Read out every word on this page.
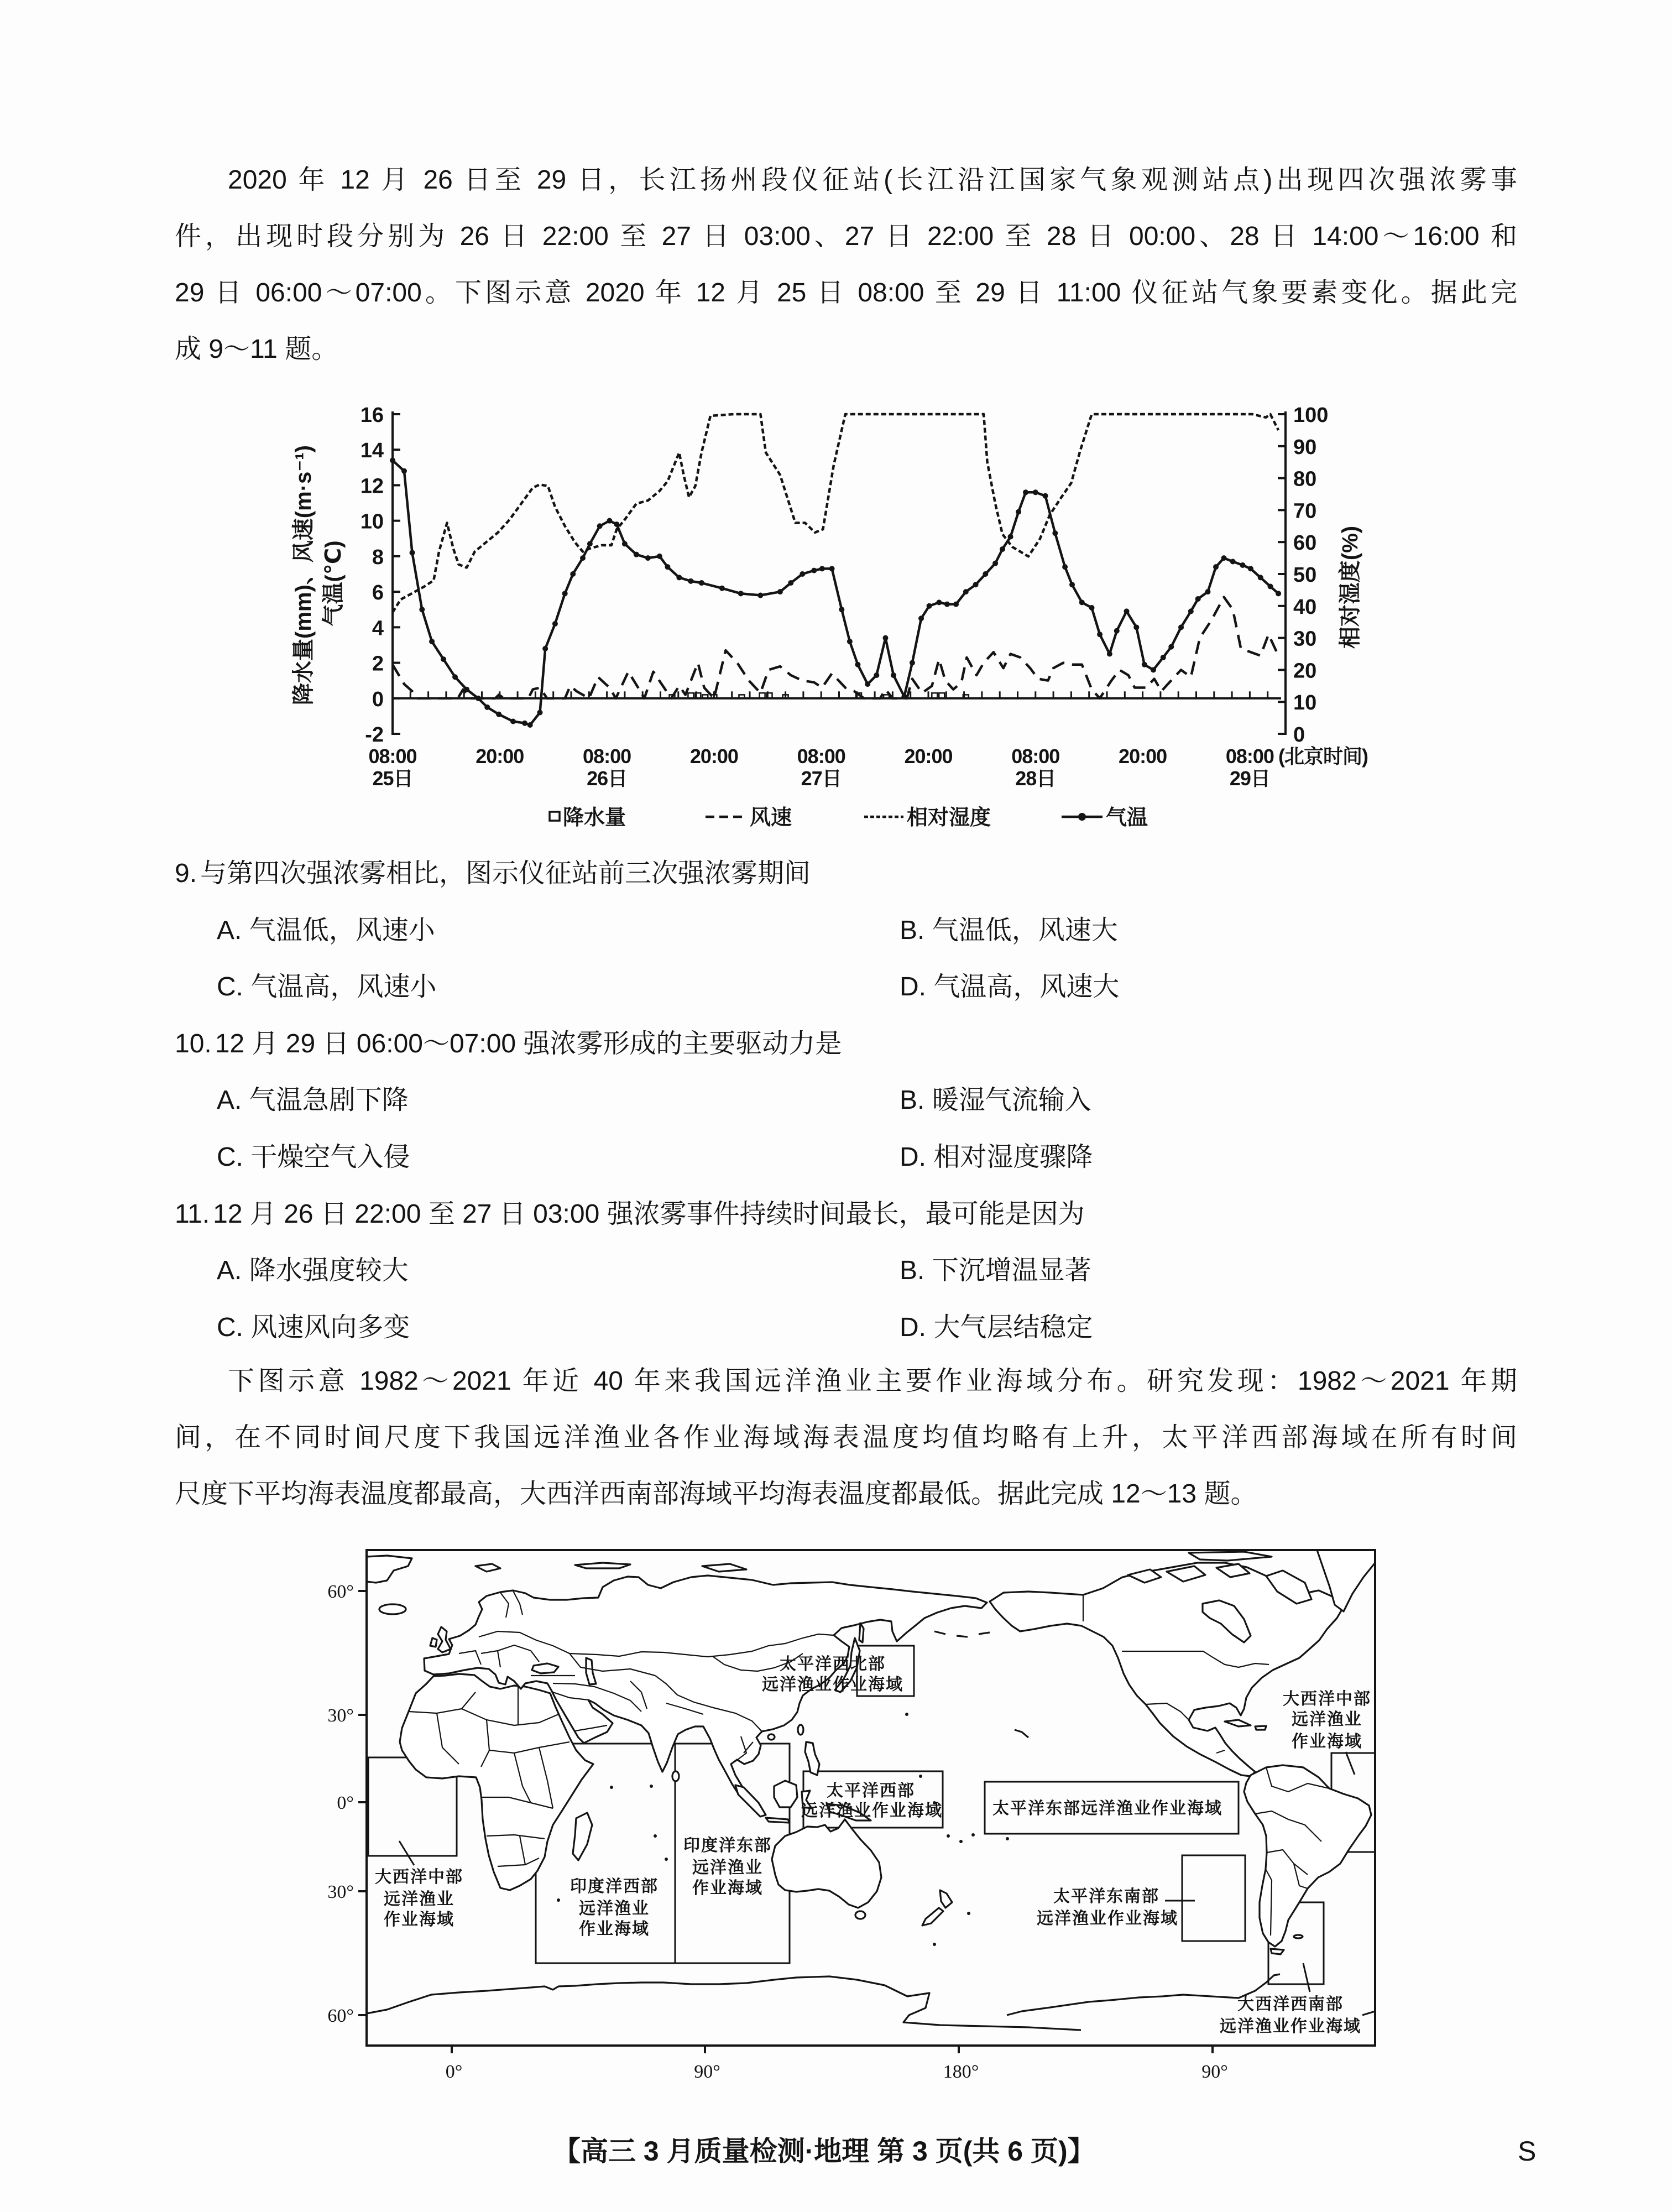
2020 年 12 月 26 日至 29 日，长江扬州段仪征站(长江沿江国家气象观测站点)出现四次强浓雾事
件，出现时段分别为 26 日 22:00 至 27 日 03:00、27 日 22:00 至 28 日 00:00、28 日 14:00～16:00 和
29 日 06:00～07:00。下图示意 2020 年 12 月 25 日 08:00 至 29 日 11:00 仪征站气象要素变化。据此完
成 9～11 题。
-2
0
2
4
6
8
10
12
14
16
0
10
20
30
40
50
60
70
80
90
100
08:00
25日
20:00	08:00
26日
20:00	08:00
27日
20:00	08:00
28日
20:00	08:00
29日
降水量(mm)、风速(m·s⁻¹) 气温(℃)	相对湿度(%)
(北京时间)
降水量	风速	相对湿度	气温
9. 与第四次强浓雾相比，图示仪征站前三次强浓雾期间
A. 气温低，风速小	B. 气温低，风速大
C. 气温高，风速小	D. 气温高，风速大
10. 12 月 29 日 06:00～07:00 强浓雾形成的主要驱动力是
A. 气温急剧下降	B. 暖湿气流输入
C. 干燥空气入侵	D. 相对湿度骤降
11. 12 月 26 日 22:00 至 27 日 03:00 强浓雾事件持续时间最长，最可能是因为
A. 降水强度较大	B. 下沉增温显著
C. 风速风向多变	D. 大气层结稳定
下图示意 1982～2021 年近 40 年来我国远洋渔业主要作业海域分布。研究发现：1982～2021 年期
间，在不同时间尺度下我国远洋渔业各作业海域海表温度均值均略有上升，太平洋西部海域在所有时间
尺度下平均海表温度都最高，大西洋西南部海域平均海表温度都最低。据此完成 12～13 题。
大西洋中部
远洋渔业
作业海域
印度洋西部
远洋渔业
作业海域
印度洋东部
远洋渔业
作业海域
太平洋西北部
远洋渔业作业海域
太平洋西部
远洋渔业作业海域	太平洋东部远洋渔业作业海域
太平洋东南部
远洋渔业作业海域
大西洋中部
远洋渔业
作业海域
大西洋西南部
远洋渔业作业海域
60°
30°
0°
30°
60°
0°	90°	180°	90°
【高三 3 月质量检测·地理 第 3 页(共 6 页)】	S
